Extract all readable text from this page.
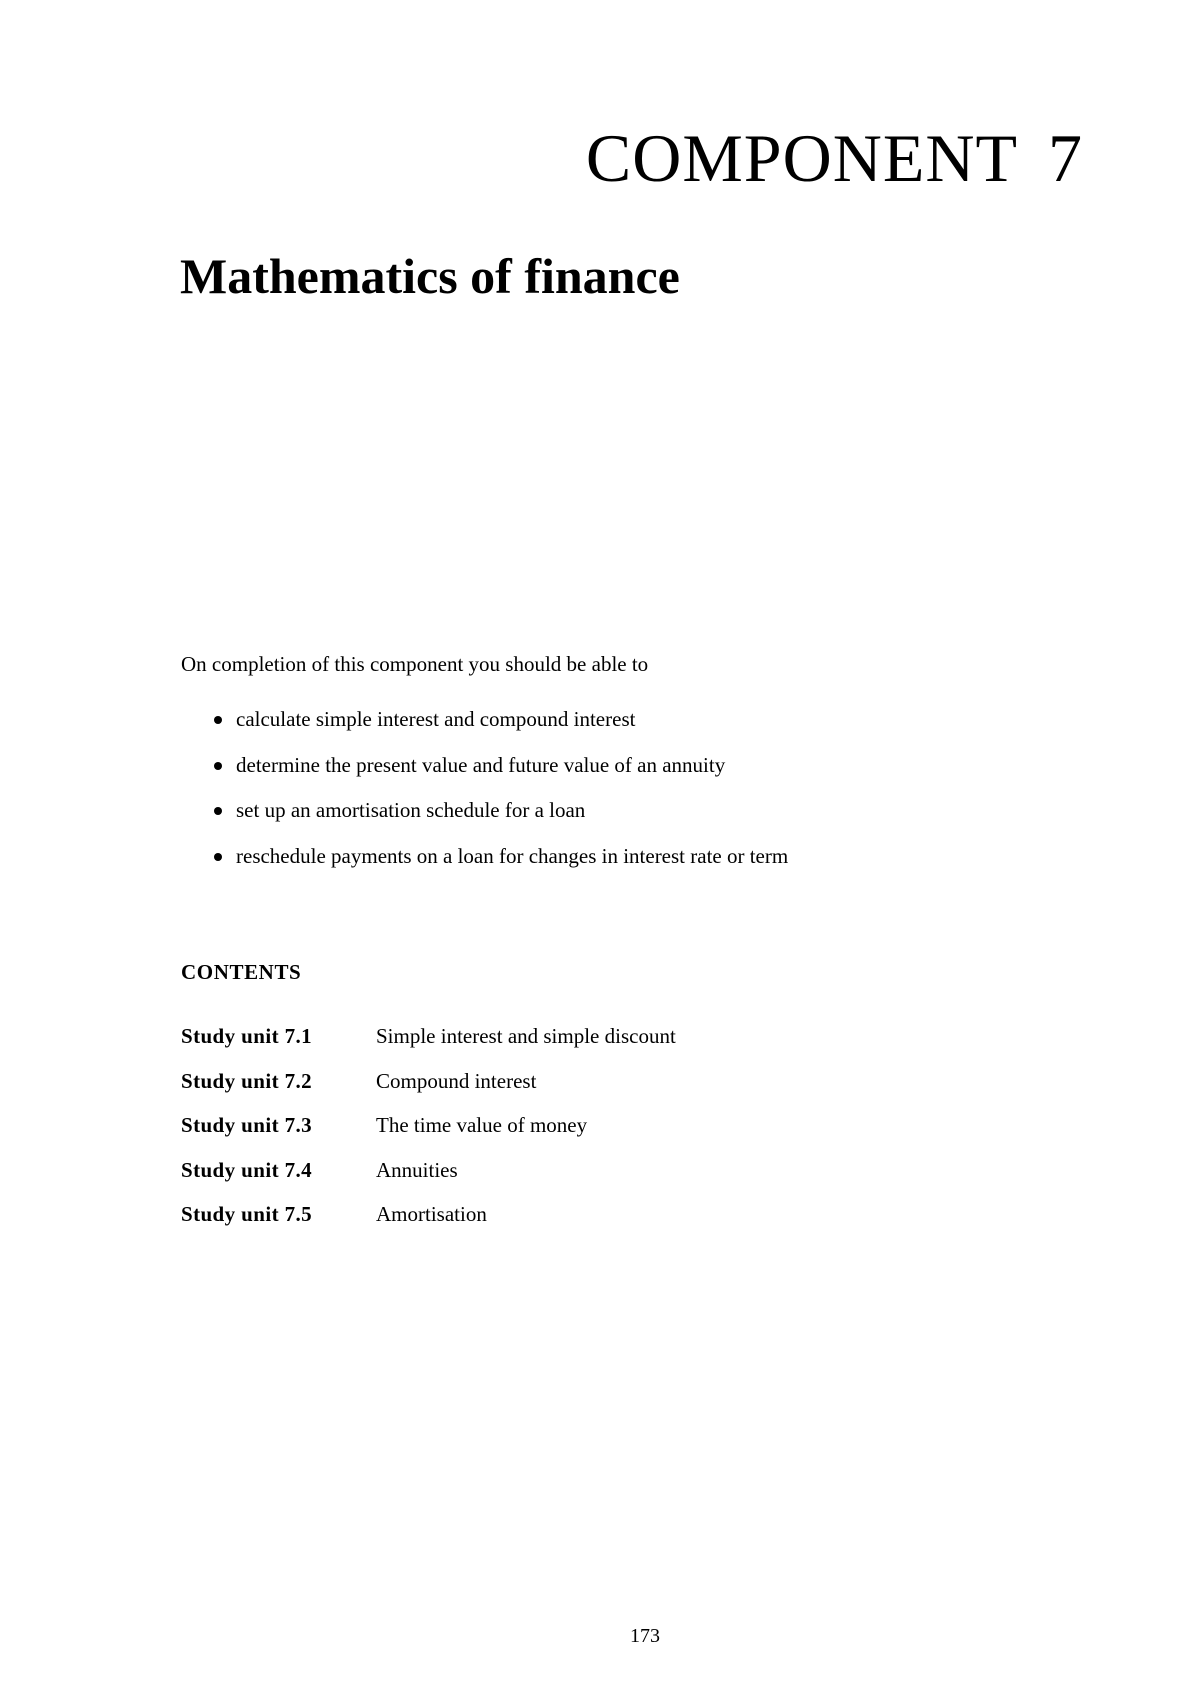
COMPONENT 7
Mathematics of finance
On completion of this component you should be able to
calculate simple interest and compound interest
determine the present value and future value of an annuity
set up an amortisation schedule for a loan
reschedule payments on a loan for changes in interest rate or term
CONTENTS
Study unit 7.1	Simple interest and simple discount
Study unit 7.2	Compound interest
Study unit 7.3	The time value of money
Study unit 7.4	Annuities
Study unit 7.5	Amortisation
173
